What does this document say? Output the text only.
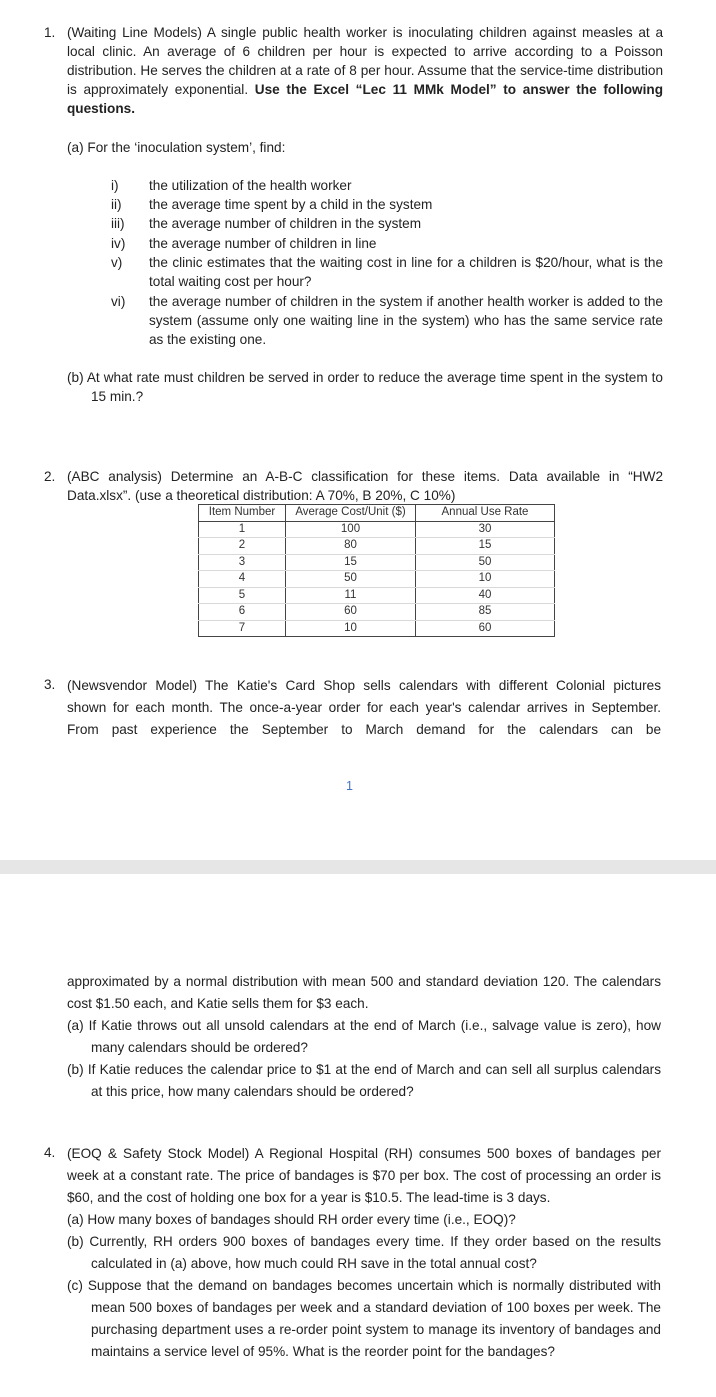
1. (Waiting Line Models) A single public health worker is inoculating children against measles at a local clinic. An average of 6 children per hour is expected to arrive according to a Poisson distribution. He serves the children at a rate of 8 per hour. Assume that the service-time distribution is approximately exponential. Use the Excel “Lec 11 MMk Model” to answer the following questions.
(a) For the ‘inoculation system’, find:
i)	the utilization of the health worker
ii)	the average time spent by a child in the system
iii)	the average number of children in the system
iv)	the average number of children in line
v)	the clinic estimates that the waiting cost in line for a children is $20/hour, what is the total waiting cost per hour?
vi)	the average number of children in the system if another health worker is added to the system (assume only one waiting line in the system) who has the same service rate as the existing one.
(b) At what rate must children be served in order to reduce the average time spent in the system to 15 min.?
2. (ABC analysis) Determine an A-B-C classification for these items. Data available in “HW2 Data.xlsx”. (use a theoretical distribution: A 70%, B 20%, C 10%)
Item Number	Average Cost/Unit ($)	Annual Use Rate
1	100	30
2	80	15
3	15	50
4	50	10
5	11	40
6	60	85
7	10	60
3. (Newsvendor Model) The Katie's Card Shop sells calendars with different Colonial pictures
shown for each month. The once-a-year order for each year's calendar arrives in September.
From past experience the September to March demand for the calendars can be
1
approximated by a normal distribution with mean 500 and standard deviation 120. The calendars cost $1.50 each, and Katie sells them for $3 each.
(a) If Katie throws out all unsold calendars at the end of March (i.e., salvage value is zero), how many calendars should be ordered?
(b) If Katie reduces the calendar price to $1 at the end of March and can sell all surplus calendars at this price, how many calendars should be ordered?
4. (EOQ & Safety Stock Model) A Regional Hospital (RH) consumes 500 boxes of bandages per week at a constant rate. The price of bandages is $70 per box. The cost of processing an order is $60, and the cost of holding one box for a year is $10.5. The lead-time is 3 days.
(a) How many boxes of bandages should RH order every time (i.e., EOQ)?
(b) Currently, RH orders 900 boxes of bandages every time. If they order based on the results calculated in (a) above, how much could RH save in the total annual cost?
(c) Suppose that the demand on bandages becomes uncertain which is normally distributed with mean 500 boxes of bandages per week and a standard deviation of 100 boxes per week. The purchasing department uses a re-order point system to manage its inventory of bandages and maintains a service level of 95%. What is the reorder point for the bandages?
